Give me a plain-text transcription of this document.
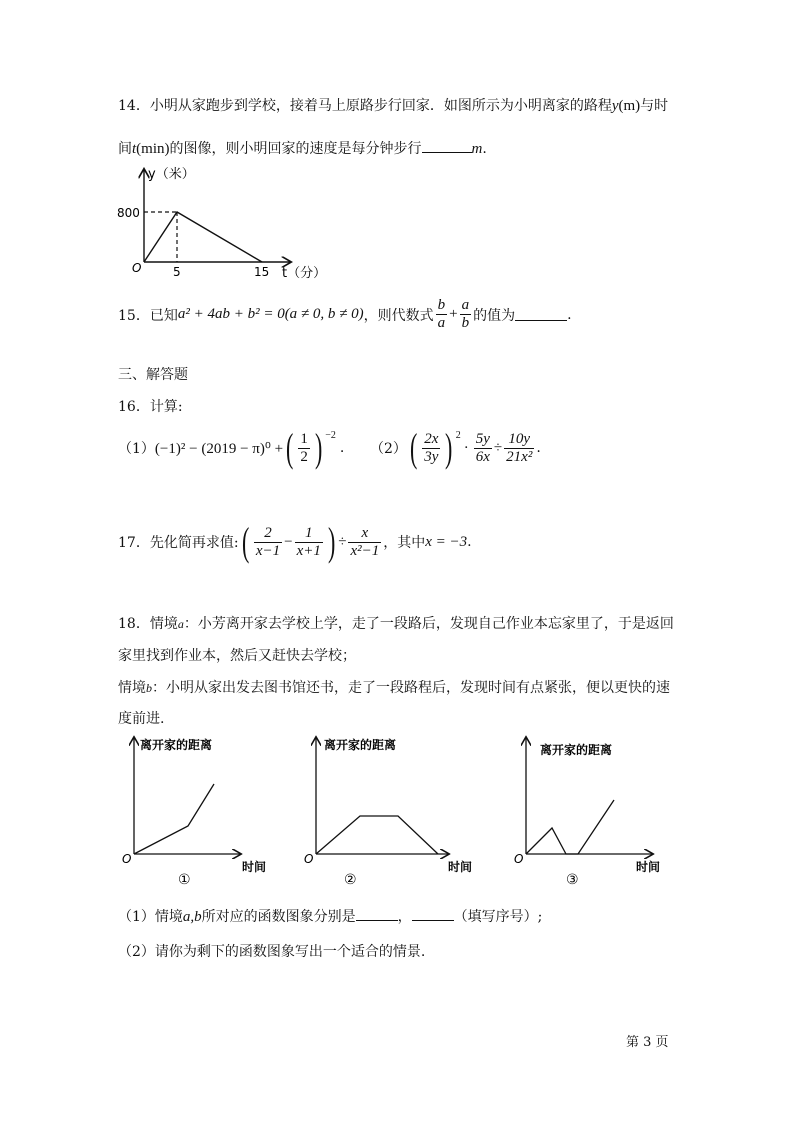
14．小明从家跑步到学校，接着马上原路步行回家．如图所示为小明离家的路程y(m)与时
间t(min)的图像，则小明回家的速度是每分钟步行	m.
y（米）
t（分）
O
800
5	15
15． 已知 a² + 4ab + b² = 0(a ≠ 0, b ≠ 0) ，则代数式 $\frac{b}{a} + \frac{a}{b}$ 的值为	.
三、解答题
16．计算:
（1） (−1)² − (2019 − π)⁰ + ( $\frac{1}{2}$ ) −2
. （2） ( $\frac{2x}{3y}$ ) 2
· $\frac{5y}{6x} \div \frac{10y}{\text{21x²}}$ .
17．先化简再求值: ( $\frac{2}{x-1} - \frac{1}{x+1}$ ) ÷ $\frac{x}{\text{x²−1}}$ ，其中 x = −3 .
18．情境a：小芳离开家去学校上学，走了一段路后，发现自己作业本忘家里了，于是返回
家里找到作业本，然后又赶快去学校；
情境b：小明从家出发去图书馆还书，走了一段路程后，发现时间有点紧张，便以更快的速
度前进.
离开家的距离
时间
O
①
离开家的距离
时间
O
②
离开家的距离
时间
O
③
（1）情境a,b所对应的函数图象分别是	，	（填写序号）;
（2）请你为剩下的函数图象写出一个适合的情景.
第 3 页
